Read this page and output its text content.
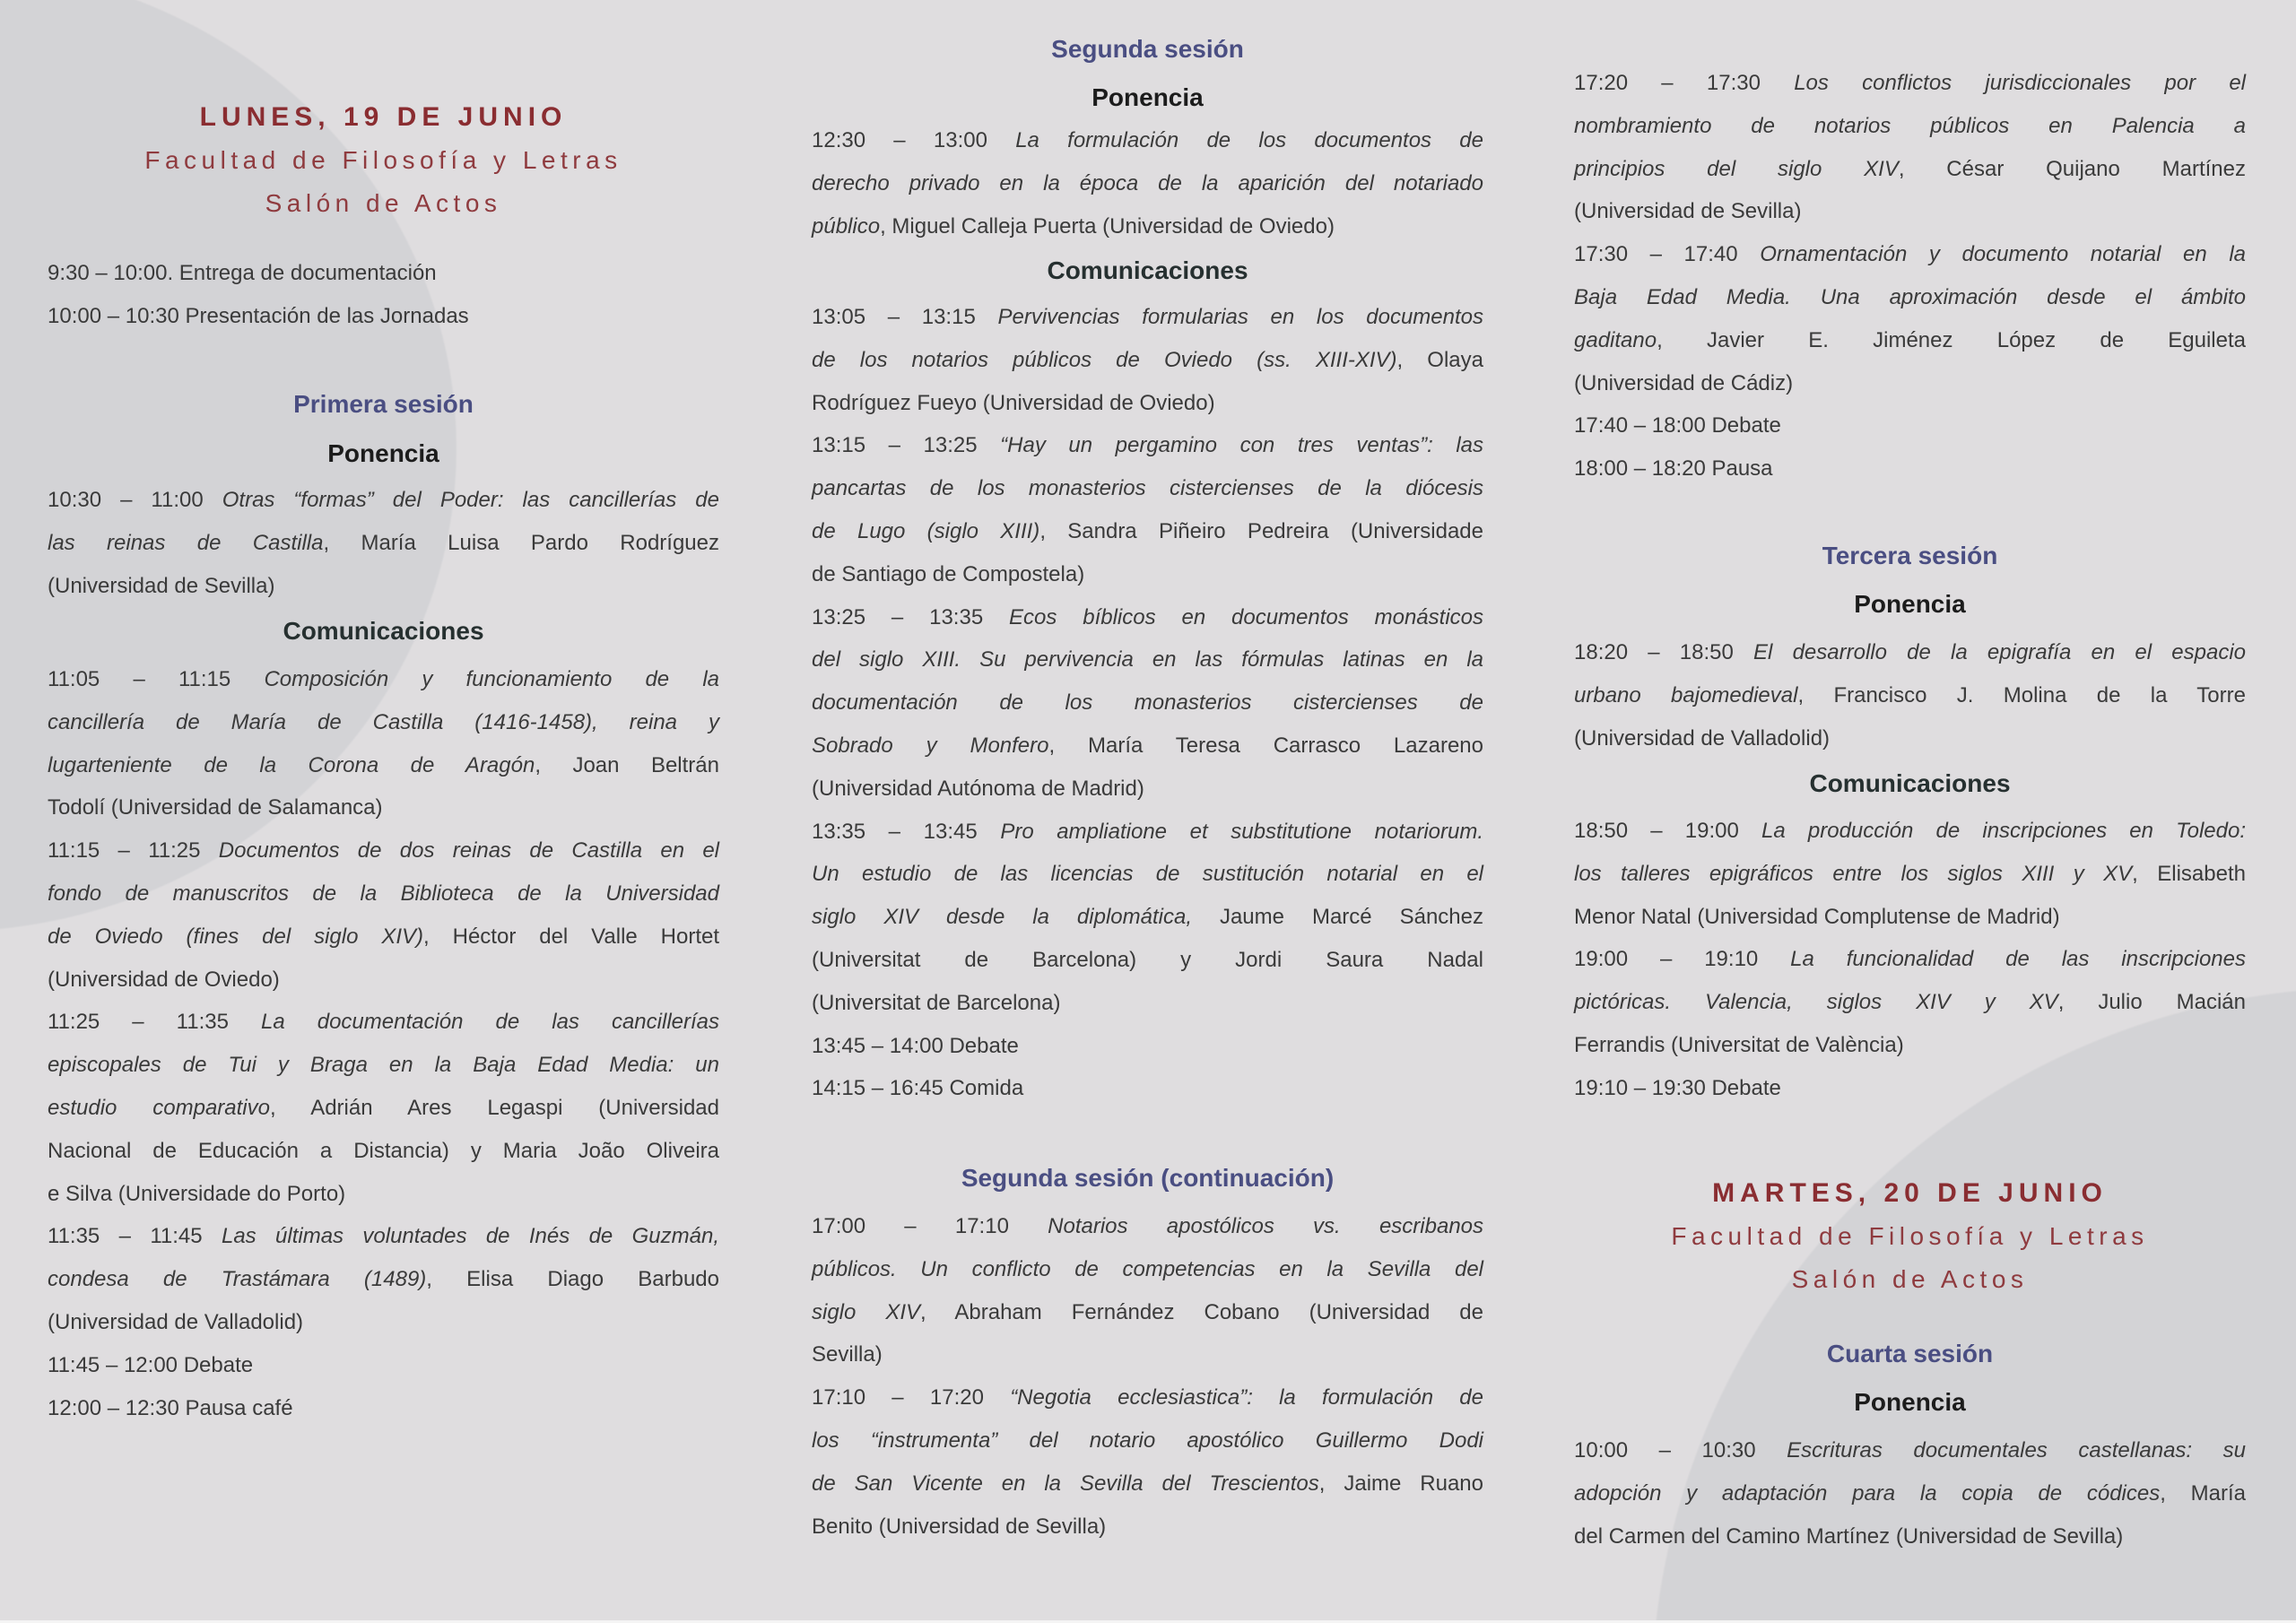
LUNES, 19 DE JUNIO
Facultad de Filosofía y Letras
Salón de Actos
9:30 – 10:00. Entrega de documentación
10:00 – 10:30 Presentación de las Jornadas
Primera sesión
Ponencia
10:30 – 11:00 Otras “formas” del Poder: las cancillerías de
las reinas de Castilla, María Luisa Pardo Rodríguez
(Universidad de Sevilla)
Comunicaciones
11:05 – 11:15 Composición y funcionamiento de la
cancillería de María de Castilla (1416-1458), reina y
lugarteniente de la Corona de Aragón, Joan Beltrán
Todolí (Universidad de Salamanca)
11:15 – 11:25 Documentos de dos reinas de Castilla en el
fondo de manuscritos de la Biblioteca de la Universidad
de Oviedo (fines del siglo XIV), Héctor del Valle Hortet
(Universidad de Oviedo)
11:25 – 11:35 La documentación de las cancillerías
episcopales de Tui y Braga en la Baja Edad Media: un
estudio comparativo, Adrián Ares Legaspi (Universidad
Nacional de Educación a Distancia) y Maria João Oliveira
e Silva (Universidade do Porto)
11:35 – 11:45 Las últimas voluntades de Inés de Guzmán,
condesa de Trastámara (1489), Elisa Diago Barbudo
(Universidad de Valladolid)
11:45 – 12:00 Debate
12:00 – 12:30 Pausa café
Segunda sesión
Ponencia
12:30 – 13:00 La formulación de los documentos de
derecho privado en la época de la aparición del notariado
público, Miguel Calleja Puerta (Universidad de Oviedo)
Comunicaciones
13:05 – 13:15 Pervivencias formularias en los documentos
de los notarios públicos de Oviedo (ss. XIII-XIV), Olaya
Rodríguez Fueyo (Universidad de Oviedo)
13:15 – 13:25 “Hay un pergamino con tres ventas”: las
pancartas de los monasterios cistercienses de la diócesis
de Lugo (siglo XIII), Sandra Piñeiro Pedreira (Universidade
de Santiago de Compostela)
13:25 – 13:35 Ecos bíblicos en documentos monásticos
del siglo XIII. Su pervivencia en las fórmulas latinas en la
documentación de los monasterios cistercienses de
Sobrado y Monfero, María Teresa Carrasco Lazareno
(Universidad Autónoma de Madrid)
13:35 – 13:45 Pro ampliatione et substitutione notariorum.
Un estudio de las licencias de sustitución notarial en el
siglo XIV desde la diplomática, Jaume Marcé Sánchez
(Universitat de Barcelona) y Jordi Saura Nadal
(Universitat de Barcelona)
13:45 – 14:00 Debate
14:15 – 16:45 Comida
Segunda sesión (continuación)
17:00 – 17:10 Notarios apostólicos vs. escribanos
públicos. Un conflicto de competencias en la Sevilla del
siglo XIV, Abraham Fernández Cobano (Universidad de
Sevilla)
17:10 – 17:20 “Negotia ecclesiastica”: la formulación de
los “instrumenta” del notario apostólico Guillermo Dodi
de San Vicente en la Sevilla del Trescientos, Jaime Ruano
Benito (Universidad de Sevilla)
17:20 – 17:30 Los conflictos jurisdiccionales por el
nombramiento de notarios públicos en Palencia a
principios del siglo XIV, César Quijano Martínez
(Universidad de Sevilla)
17:30 – 17:40 Ornamentación y documento notarial en la
Baja Edad Media. Una aproximación desde el ámbito
gaditano, Javier E. Jiménez López de Eguileta
(Universidad de Cádiz)
17:40 – 18:00 Debate
18:00 – 18:20 Pausa
Tercera sesión
Ponencia
18:20 – 18:50 El desarrollo de la epigrafía en el espacio
urbano bajomedieval, Francisco J. Molina de la Torre
(Universidad de Valladolid)
Comunicaciones
18:50 – 19:00 La producción de inscripciones en Toledo:
los talleres epigráficos entre los siglos XIII y XV, Elisabeth
Menor Natal (Universidad Complutense de Madrid)
19:00 – 19:10 La funcionalidad de las inscripciones
pictóricas. Valencia, siglos XIV y XV, Julio Macián
Ferrandis (Universitat de València)
19:10 – 19:30 Debate
MARTES, 20 DE JUNIO
Facultad de Filosofía y Letras
Salón de Actos
Cuarta sesión
Ponencia
10:00 – 10:30 Escrituras documentales castellanas: su
adopción y adaptación para la copia de códices, María
del Carmen del Camino Martínez (Universidad de Sevilla)
